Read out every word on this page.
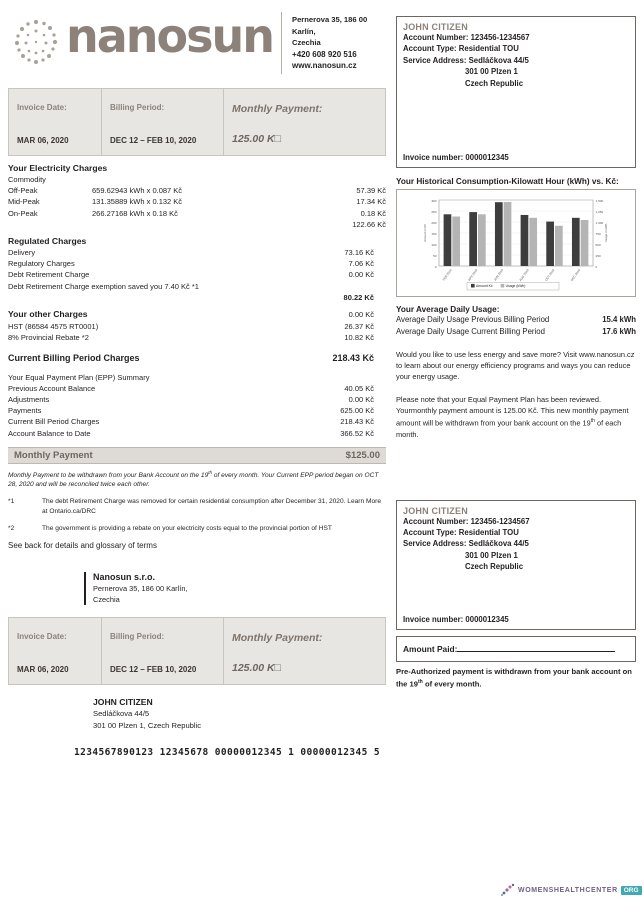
nanosun	Pernerova 35, 186 00 Karlín,
Czechia
+420 608 920 516
www.nanosun.cz
Invoice Date:
MAR 06, 2020
Billing Period:
DEC 12 – FEB 10, 2020
Monthly Payment:
125.00 K□
Your Electricity Charges
Commodity
Off-Peak	659.62943 kWh x 0.087 Kč	57.39 Kč
Mid-Peak	131.35889 kWh x 0.132 Kč	17.34 Kč
On-Peak	266.27168 kWh x 0.18 Kč	0.18 Kč
122.66 Kč
Regulated Charges
Delivery	73.16 Kč
Regulatory Charges	7.06 Kč
Debt Retirement Charge	0.00 Kč
Debt Retirement Charge exemption saved you 7.40 Kč *1
80.22 Kč
Your other Charges	0.00 Kč
HST (86584 4575 RT0001)	26.37 Kč
8% Provincial Rebate *2	10.82 Kč
Current Billing Period Charges	218.43 Kč
Your Equal Payment Plan (EPP) Summary
Previous Account Balance	40.05 Kč
Adjustments	0.00 Kč
Payments	625.00 Kč
Current Bill Period Charges	218.43 Kč
Account Balance to Date	366.52 Kč
Monthly Payment	$125.00
Monthly Payment to be withdrawn from your Bank Account on the 19th of every month. Your Current EPP period began on OCT 28, 2020 and will be reconciled twice each other.
*1	The debt Retirement Charge was removed for certain residential consumption after December 31, 2020. Learn More at Ontario.ca/DRC
*2	The government is providing a rebate on your electricity costs equal to the provincial portion of HST
See back for details and glossary of terms
Nanosun s.r.o.
Pernerova 35, 186 00 Karlín,
Czechia
Invoice Date:
MAR 06, 2020
Billing Period:
DEC 12 – FEB 10, 2020
Monthly Payment:
125.00 K□
JOHN CITIZEN
Sedláčkova 44/5
301 00 Plzen 1, Czech Republic
1234567890123 12345678 00000012345 1 00000012345 5
JOHN CITIZEN
Account Number: 123456-1234567
Account Type: Residential TOU
Service Address: Sedláčkova 44/5
301 00 Plzen 1
Czech Republic
Invoice number: 0000012345
Your Historical Consumption-Kilowatt Hour (kWh) vs. Kč:
300	1,500
250	1,250
200	1,000
150	750
100	500
50	250
0	0
FEB 2019	APR 2019	JUN 2019	AUG 2019	OCT 2019	DEC 2019
Amount in Kč	Usage in kWh
Amount Kč	Usage (kWh)
Your Average Daily Usage:
Average Daily Usage Previous Billing Period	15.4 kWh
Average Daily Usage Current Billing Period	17.6 kWh
Would you like to use less energy and save more? Visit www.nanosun.cz to learn about our energy efficiency programs and ways you can reduce your energy usage.
Please note that your Equal Payment Plan has been reviewed. Yourmonthly payment amount is 125.00 Kč. This new monthly payment amount will be withdrawn from your bank account on the 19th of each month.
JOHN CITIZEN
Account Number: 123456-1234567
Account Type: Residential TOU
Service Address: Sedláčkova 44/5
301 00 Plzen 1
Czech Republic
Invoice number: 0000012345
Amount Paid:
Pre-Authorized payment is withdrawn from your bank account on the 19th of every month.
WOMENSHEALTHCENTER ORG
